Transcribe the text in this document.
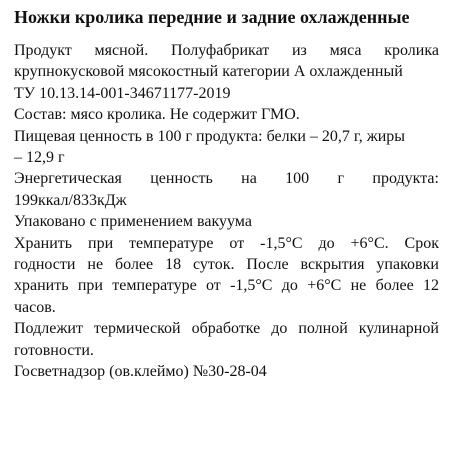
Ножки кролика передние и задние охлажденные

Продукт мясной. Полуфабрикат из мяса кролика
крупнокусковой мясокостный категории А охлажденный
ТУ 10.13.14-001-34671177-2019

Состав: мясо кролика. Не содержит ГМО.

Пищевая ценность в 100 г продукта: белки – 20,7 г, жиры
– 12,9 г

Энергетическая ценность на 100 г продукта:
199ккал/833кДж

Упаковано с применением вакуума

Хранить при температуре от -1,5°С до +6°С. Срок
годности не более 18 суток. После вскрытия упаковки
хранить при температуре от -1,5°С до +6°С не более 12
часов.

Подлежит термической обработке до полной кулинарной
готовности.

Госветнадзор (ов.клеймо) №30-28-04
